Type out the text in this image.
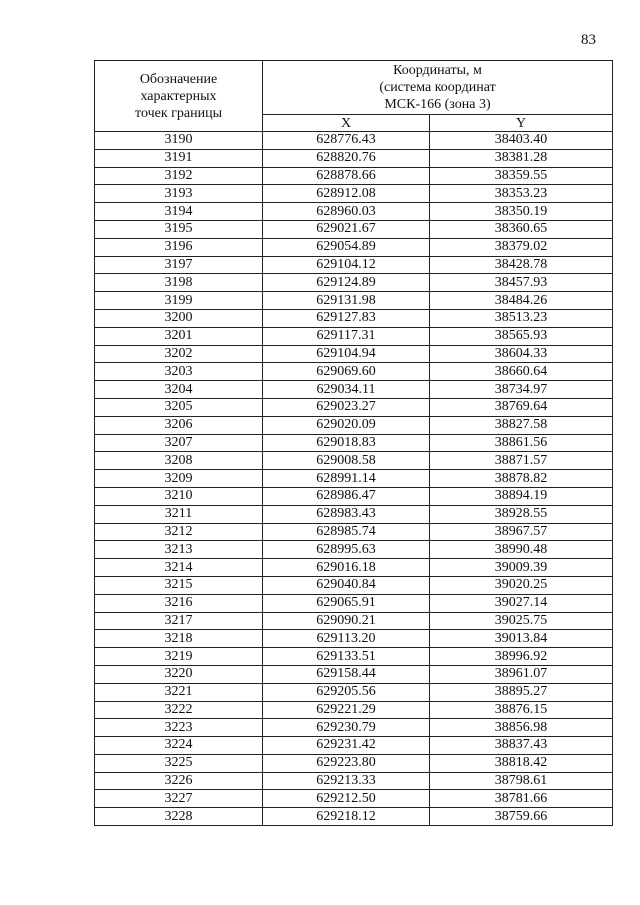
83
Обозначение характерных точек границы	Координаты, м
(система координат
МСК-166 (зона 3)	

	X	Y
3190	628776.43	38403.40
3191	628820.76	38381.28
3192	628878.66	38359.55
3193	628912.08	38353.23
3194	628960.03	38350.19
3195	629021.67	38360.65
3196	629054.89	38379.02
3197	629104.12	38428.78
3198	629124.89	38457.93
3199	629131.98	38484.26
3200	629127.83	38513.23
3201	629117.31	38565.93
3202	629104.94	38604.33
3203	629069.60	38660.64
3204	629034.11	38734.97
3205	629023.27	38769.64
3206	629020.09	38827.58
3207	629018.83	38861.56
3208	629008.58	38871.57
3209	628991.14	38878.82
3210	628986.47	38894.19
3211	628983.43	38928.55
3212	628985.74	38967.57
3213	628995.63	38990.48
3214	629016.18	39009.39
3215	629040.84	39020.25
3216	629065.91	39027.14
3217	629090.21	39025.75
3218	629113.20	39013.84
3219	629133.51	38996.92
3220	629158.44	38961.07
3221	629205.56	38895.27
3222	629221.29	38876.15
3223	629230.79	38856.98
3224	629231.42	38837.43
3225	629223.80	38818.42
3226	629213.33	38798.61
3227	629212.50	38781.66
3228	629218.12	38759.66
